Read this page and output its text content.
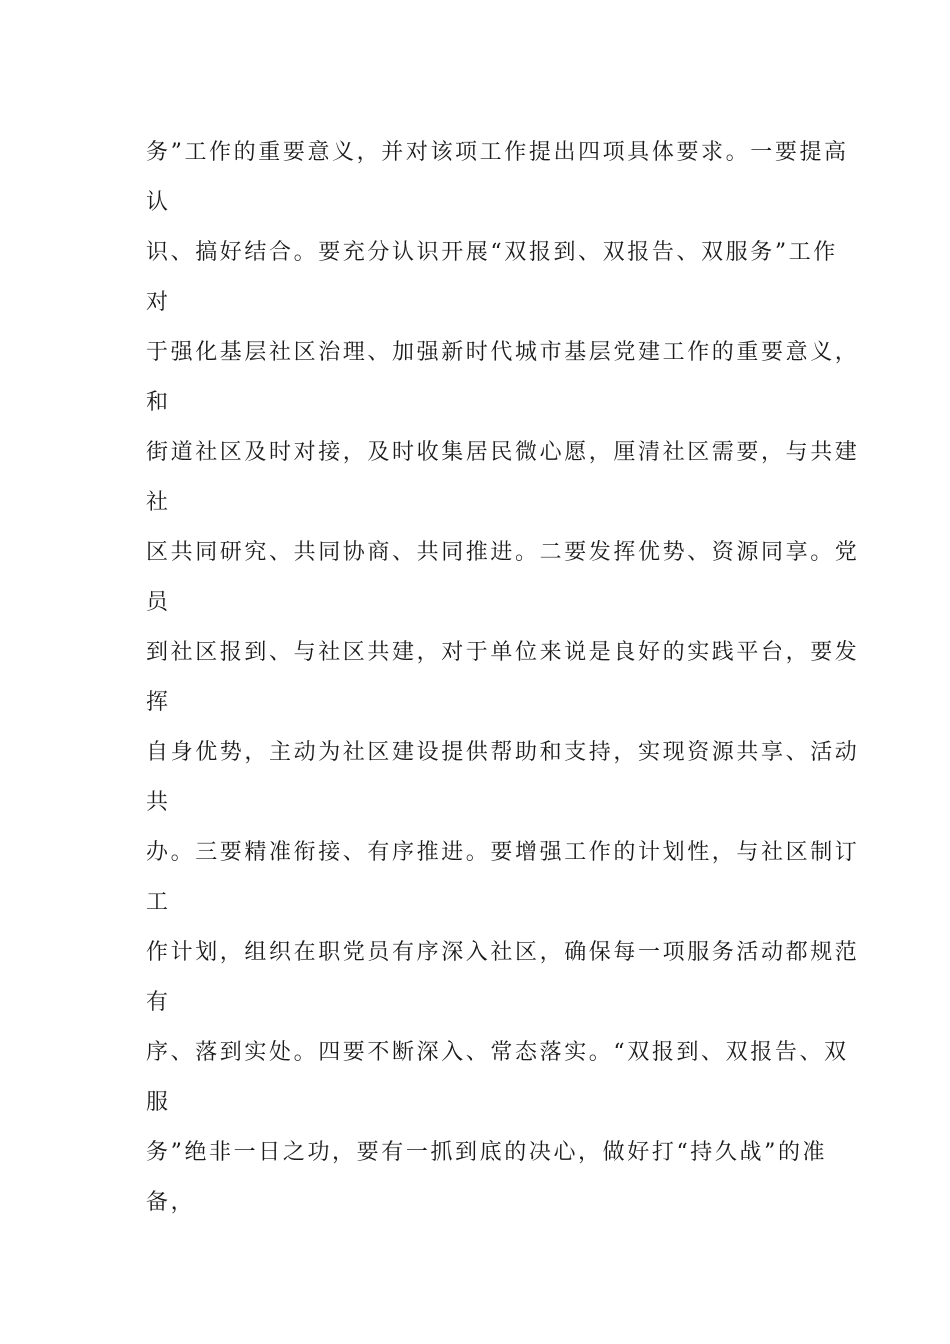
务”工作的重要意义，并对该项工作提出四项具体要求。一要提高
认
识、搞好结合。要充分认识开展“双报到、双报告、双服务”工作
对
于强化基层社区治理、加强新时代城市基层党建工作的重要意义，
和
街道社区及时对接，及时收集居民微心愿，厘清社区需要，与共建
社
区共同研究、共同协商、共同推进。二要发挥优势、资源同享。党
员
到社区报到、与社区共建，对于单位来说是良好的实践平台，要发
挥
自身优势，主动为社区建设提供帮助和支持，实现资源共享、活动
共
办。三要精准衔接、有序推进。要增强工作的计划性，与社区制订
工
作计划，组织在职党员有序深入社区，确保每一项服务活动都规范
有
序、落到实处。四要不断深入、常态落实。“双报到、双报告、双
服
务”绝非一日之功，要有一抓到底的决心，做好打“持久战”的准
备，
